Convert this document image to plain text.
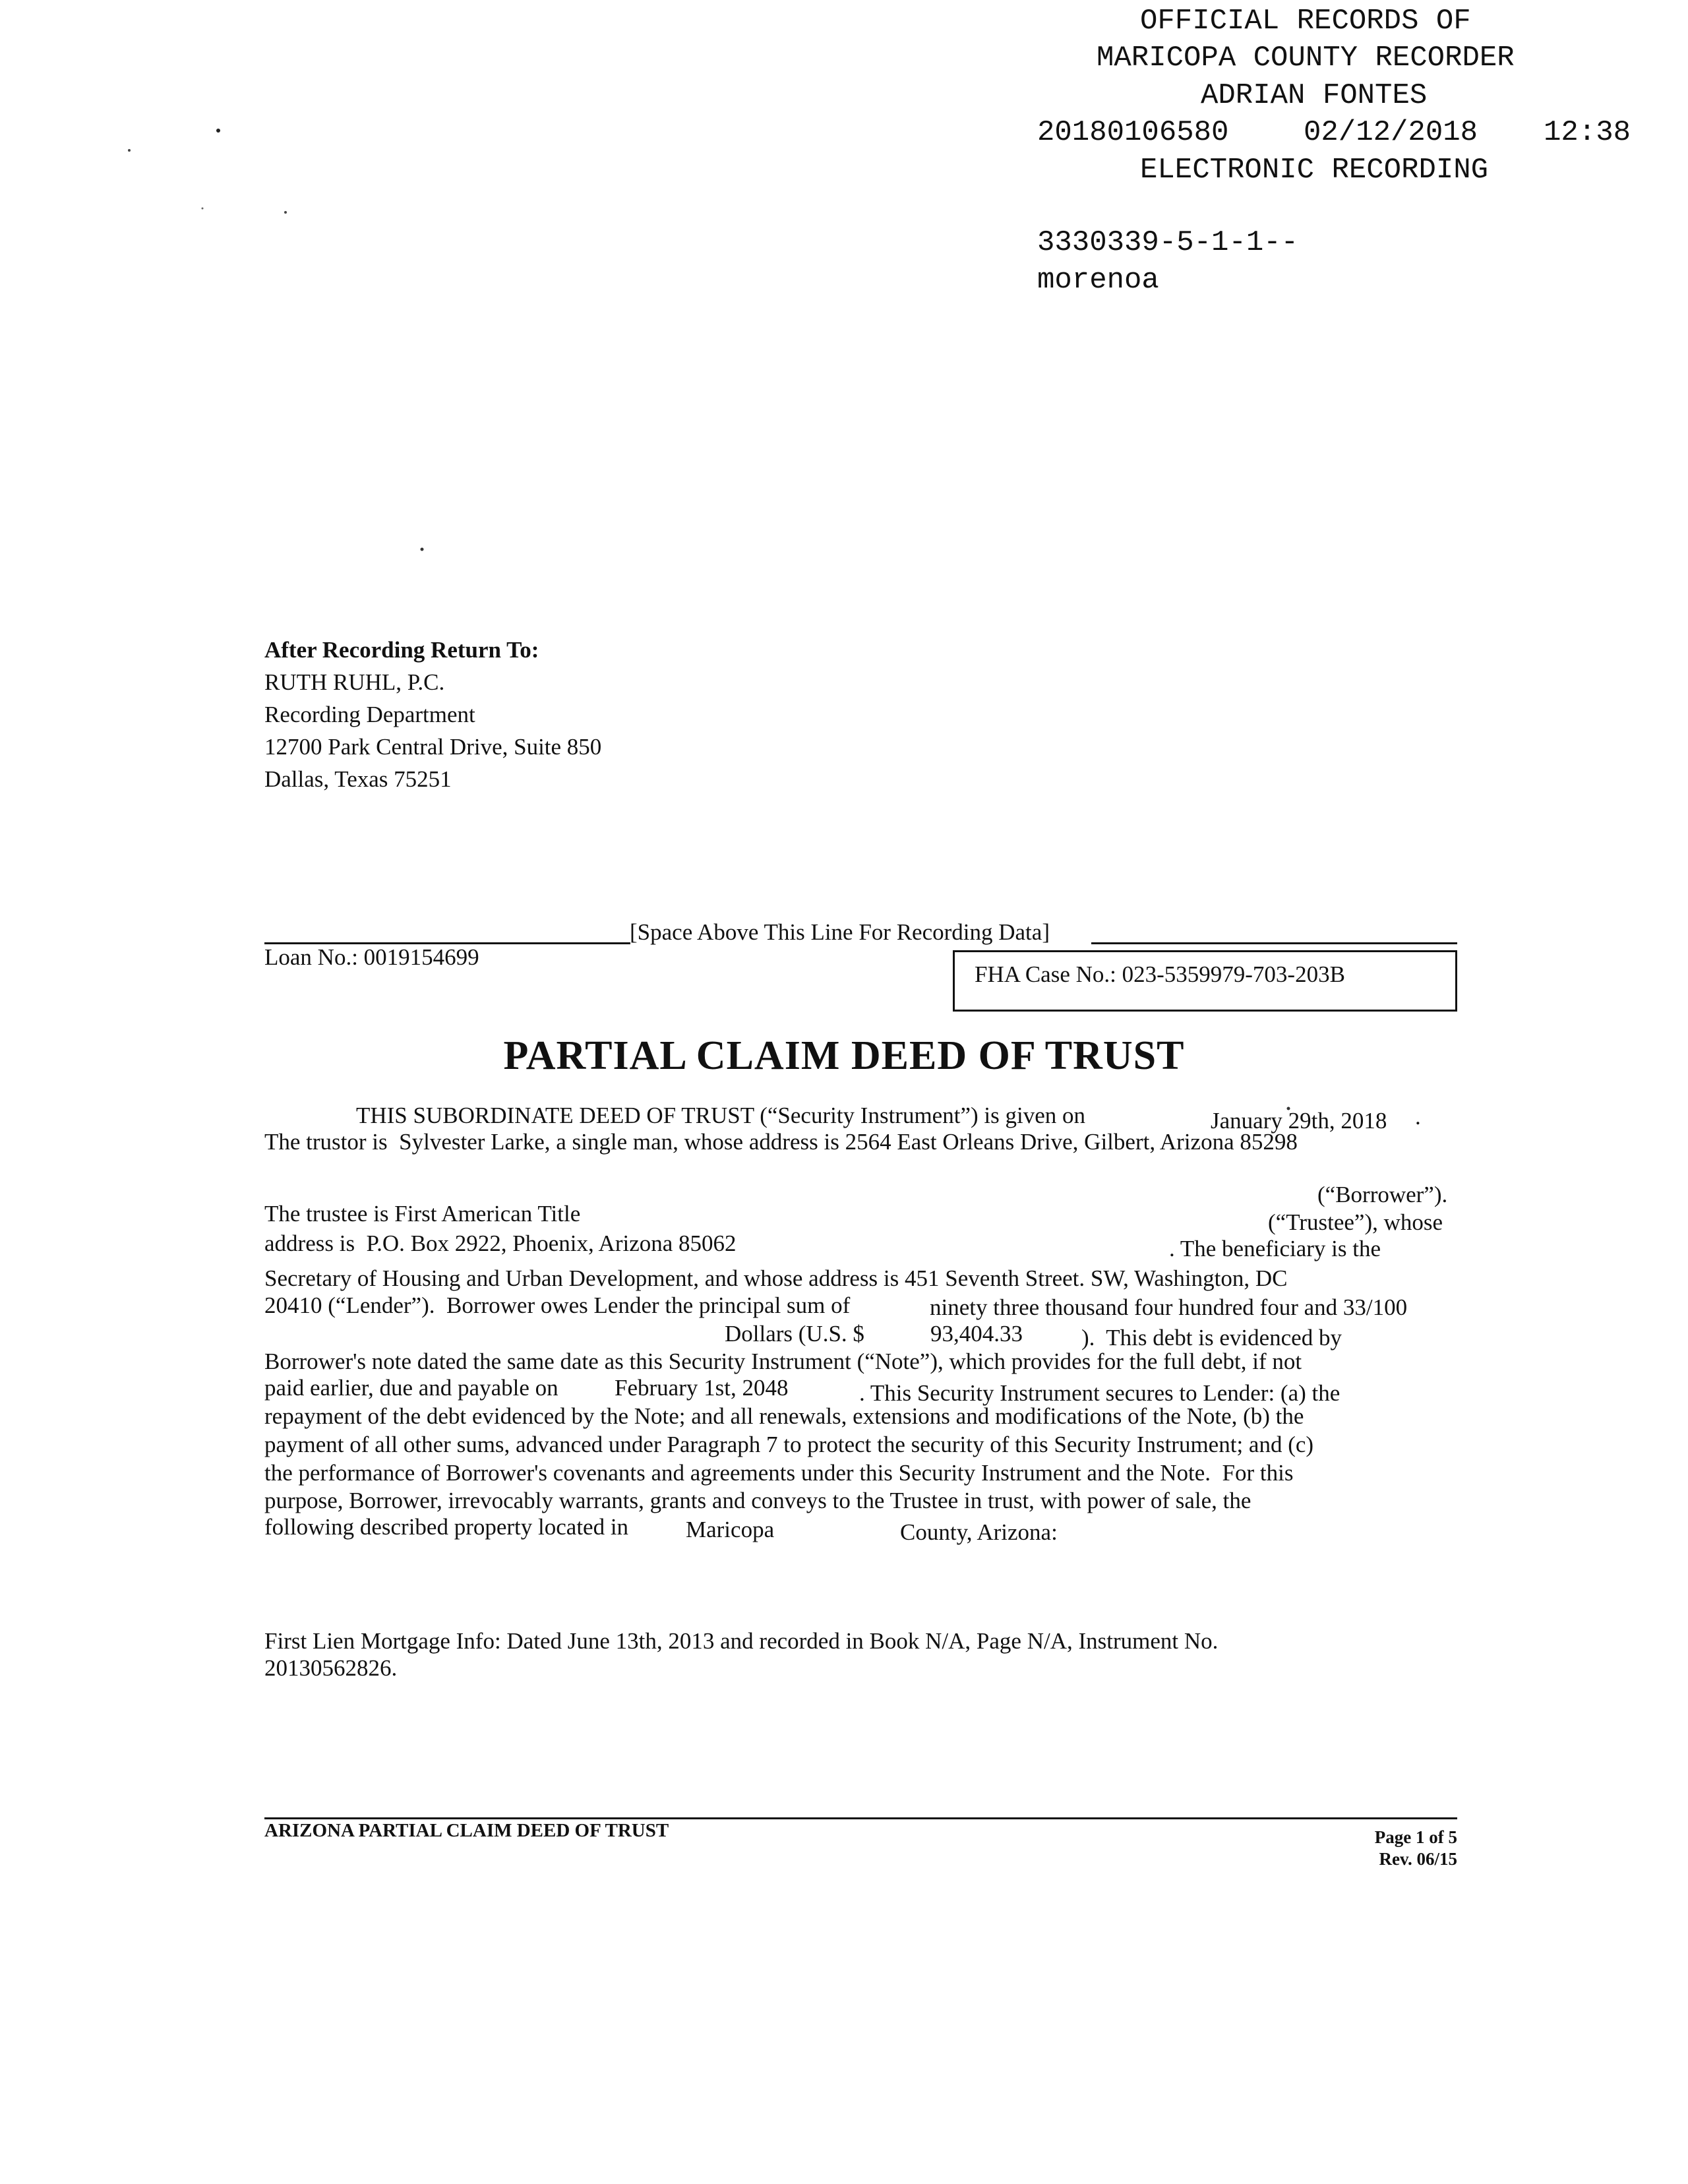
OFFICIAL RECORDS OF
MARICOPA COUNTY RECORDER
ADRIAN FONTES
20180106580	02/12/2018 12:38
ELECTRONIC RECORDING
3330339-5-1-1--
morenoa
After Recording Return To:
RUTH RUHL, P.C.
Recording Department
12700 Park Central Drive, Suite 850
Dallas, Texas 75251
[Space Above This Line For Recording Data]
Loan No.: 0019154699
FHA Case No.: 023-5359979-703-203B
PARTIAL CLAIM DEED OF TRUST
THIS SUBORDINATE DEED OF TRUST (“Security Instrument”) is given on	January 29th, 2018 .
The trustor is  Sylvester Larke, a single man, whose address is 2564 East Orleans Drive, Gilbert, Arizona 85298
(“Borrower”).
The trustee is First American Title	(“Trustee”), whose
address is  P.O. Box 2922, Phoenix, Arizona 85062	. The beneficiary is the
Secretary of Housing and Urban Development, and whose address is 451 Seventh Street. SW, Washington, DC
20410 (“Lender”).  Borrower owes Lender the principal sum of	ninety three thousand four hundred four and 33/100
Dollars (U.S. $	93,404.33	).  This debt is evidenced by
Borrower's note dated the same date as this Security Instrument (“Note”), which provides for the full debt, if not
paid earlier, due and payable on February 1st, 2048	. This Security Instrument secures to Lender: (a) the
repayment of the debt evidenced by the Note; and all renewals, extensions and modifications of the Note, (b) the
payment of all other sums, advanced under Paragraph 7 to protect the security of this Security Instrument; and (c)
the performance of Borrower's covenants and agreements under this Security Instrument and the Note.  For this
purpose, Borrower, irrevocably warrants, grants and conveys to the Trustee in trust, with power of sale, the
following described property located in Maricopa	County, Arizona:
First Lien Mortgage Info: Dated June 13th, 2013 and recorded in Book N/A, Page N/A, Instrument No.
20130562826.
ARIZONA PARTIAL CLAIM DEED OF TRUST	Page 1 of 5
Rev. 06/15
